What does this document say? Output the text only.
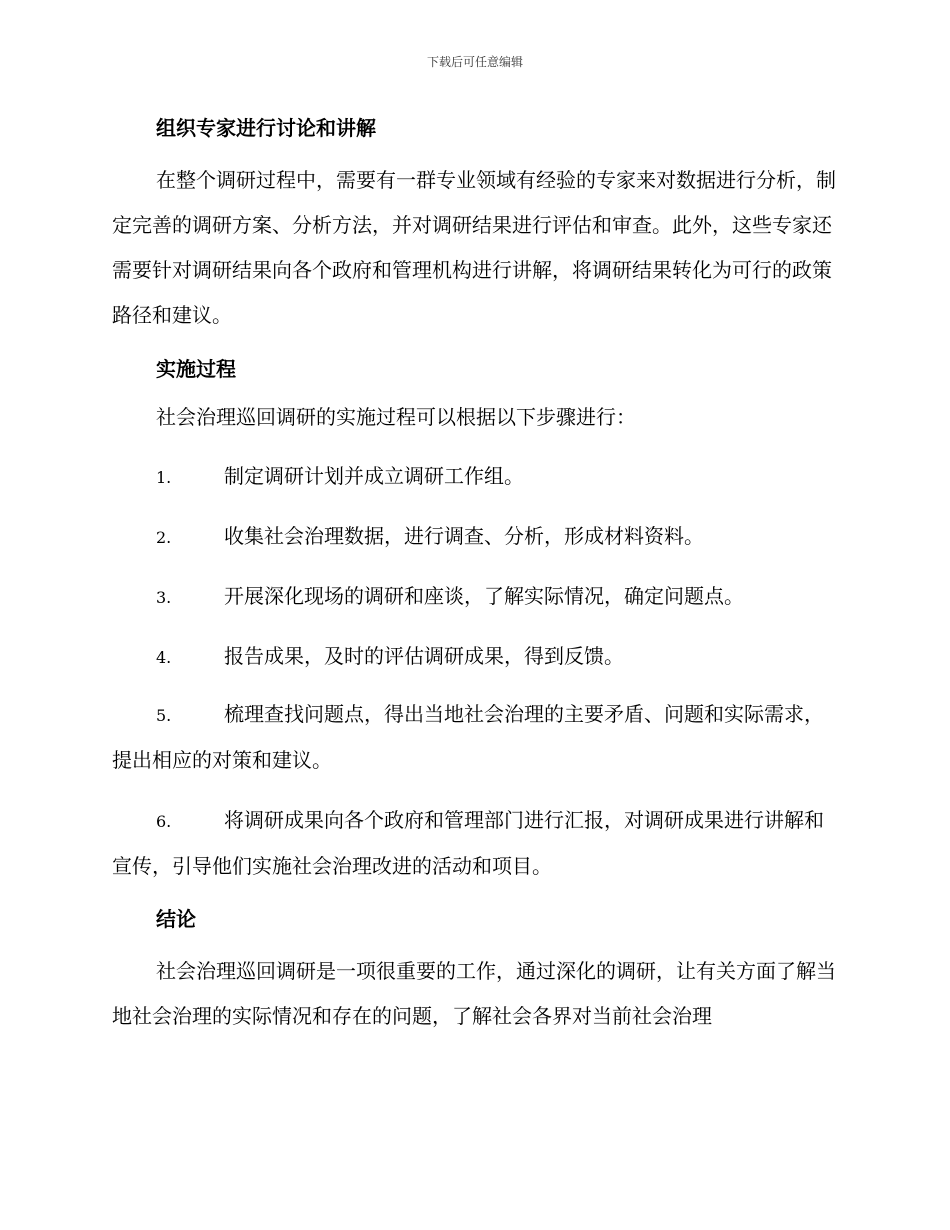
下载后可任意编辑
组织专家进行讨论和讲解

在整个调研过程中，需要有一群专业领域有经验的专家来对数据进行分析，制定完善的调研方案、分析方法，并对调研结果进行评估和审查。此外，这些专家还需要针对调研结果向各个政府和管理机构进行讲解，将调研结果转化为可行的政策路径和建议。

实施过程

社会治理巡回调研的实施过程可以根据以下步骤进行：

1.	制定调研计划并成立调研工作组。

2.	收集社会治理数据，进行调查、分析，形成材料资料。

3.	开展深化现场的调研和座谈，了解实际情况，确定问题点。

4.	报告成果，及时的评估调研成果，得到反馈。

5.	梳理查找问题点，得出当地社会治理的主要矛盾、问题和实际需求，提出相应的对策和建议。

6.	将调研成果向各个政府和管理部门进行汇报，对调研成果进行讲解和宣传，引导他们实施社会治理改进的活动和项目。

结论

社会治理巡回调研是一项很重要的工作，通过深化的调研，让有关方面了解当地社会治理的实际情况和存在的问题，了解社会各界对当前社会治理
